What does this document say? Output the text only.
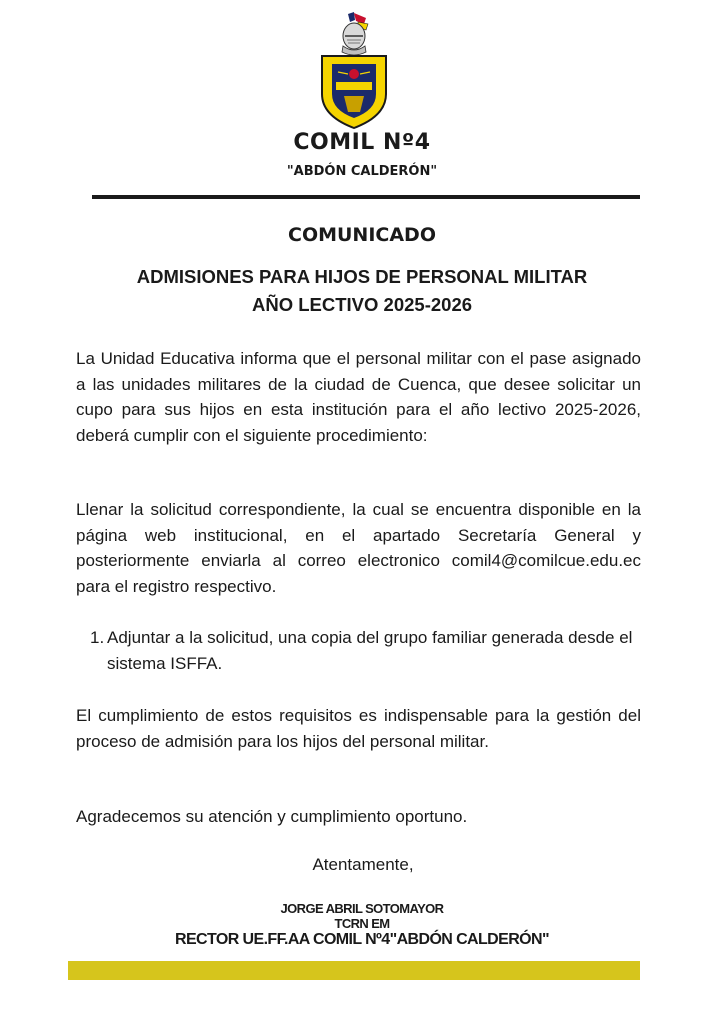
COMIL Nº4
"ABDÓN CALDERÓN"
COMUNICADO
ADMISIONES PARA HIJOS DE PERSONAL MILITAR
AÑO LECTIVO 2025-2026
La Unidad Educativa informa que el personal militar con el pase asignado a las unidades militares de la ciudad de Cuenca, que desee solicitar un cupo para sus hijos en esta institución para el año lectivo 2025-2026, deberá cumplir con el siguiente procedimiento:
Llenar la solicitud correspondiente, la cual se encuentra disponible en la página web institucional, en el apartado Secretaría General y posteriormente enviarla al correo electronico comil4@comilcue.edu.ec para el registro respectivo.
1. Adjuntar a la solicitud, una copia del grupo familiar generada desde el sistema ISFFA.
El cumplimiento de estos requisitos es indispensable para la gestión del proceso de admisión para los hijos del personal militar.
Agradecemos su atención y cumplimiento oportuno.
Atentamente,
JORGE ABRIL SOTOMAYOR
TCRN EM
RECTOR UE.FF.AA COMIL Nº4"ABDÓN CALDERÓN"
